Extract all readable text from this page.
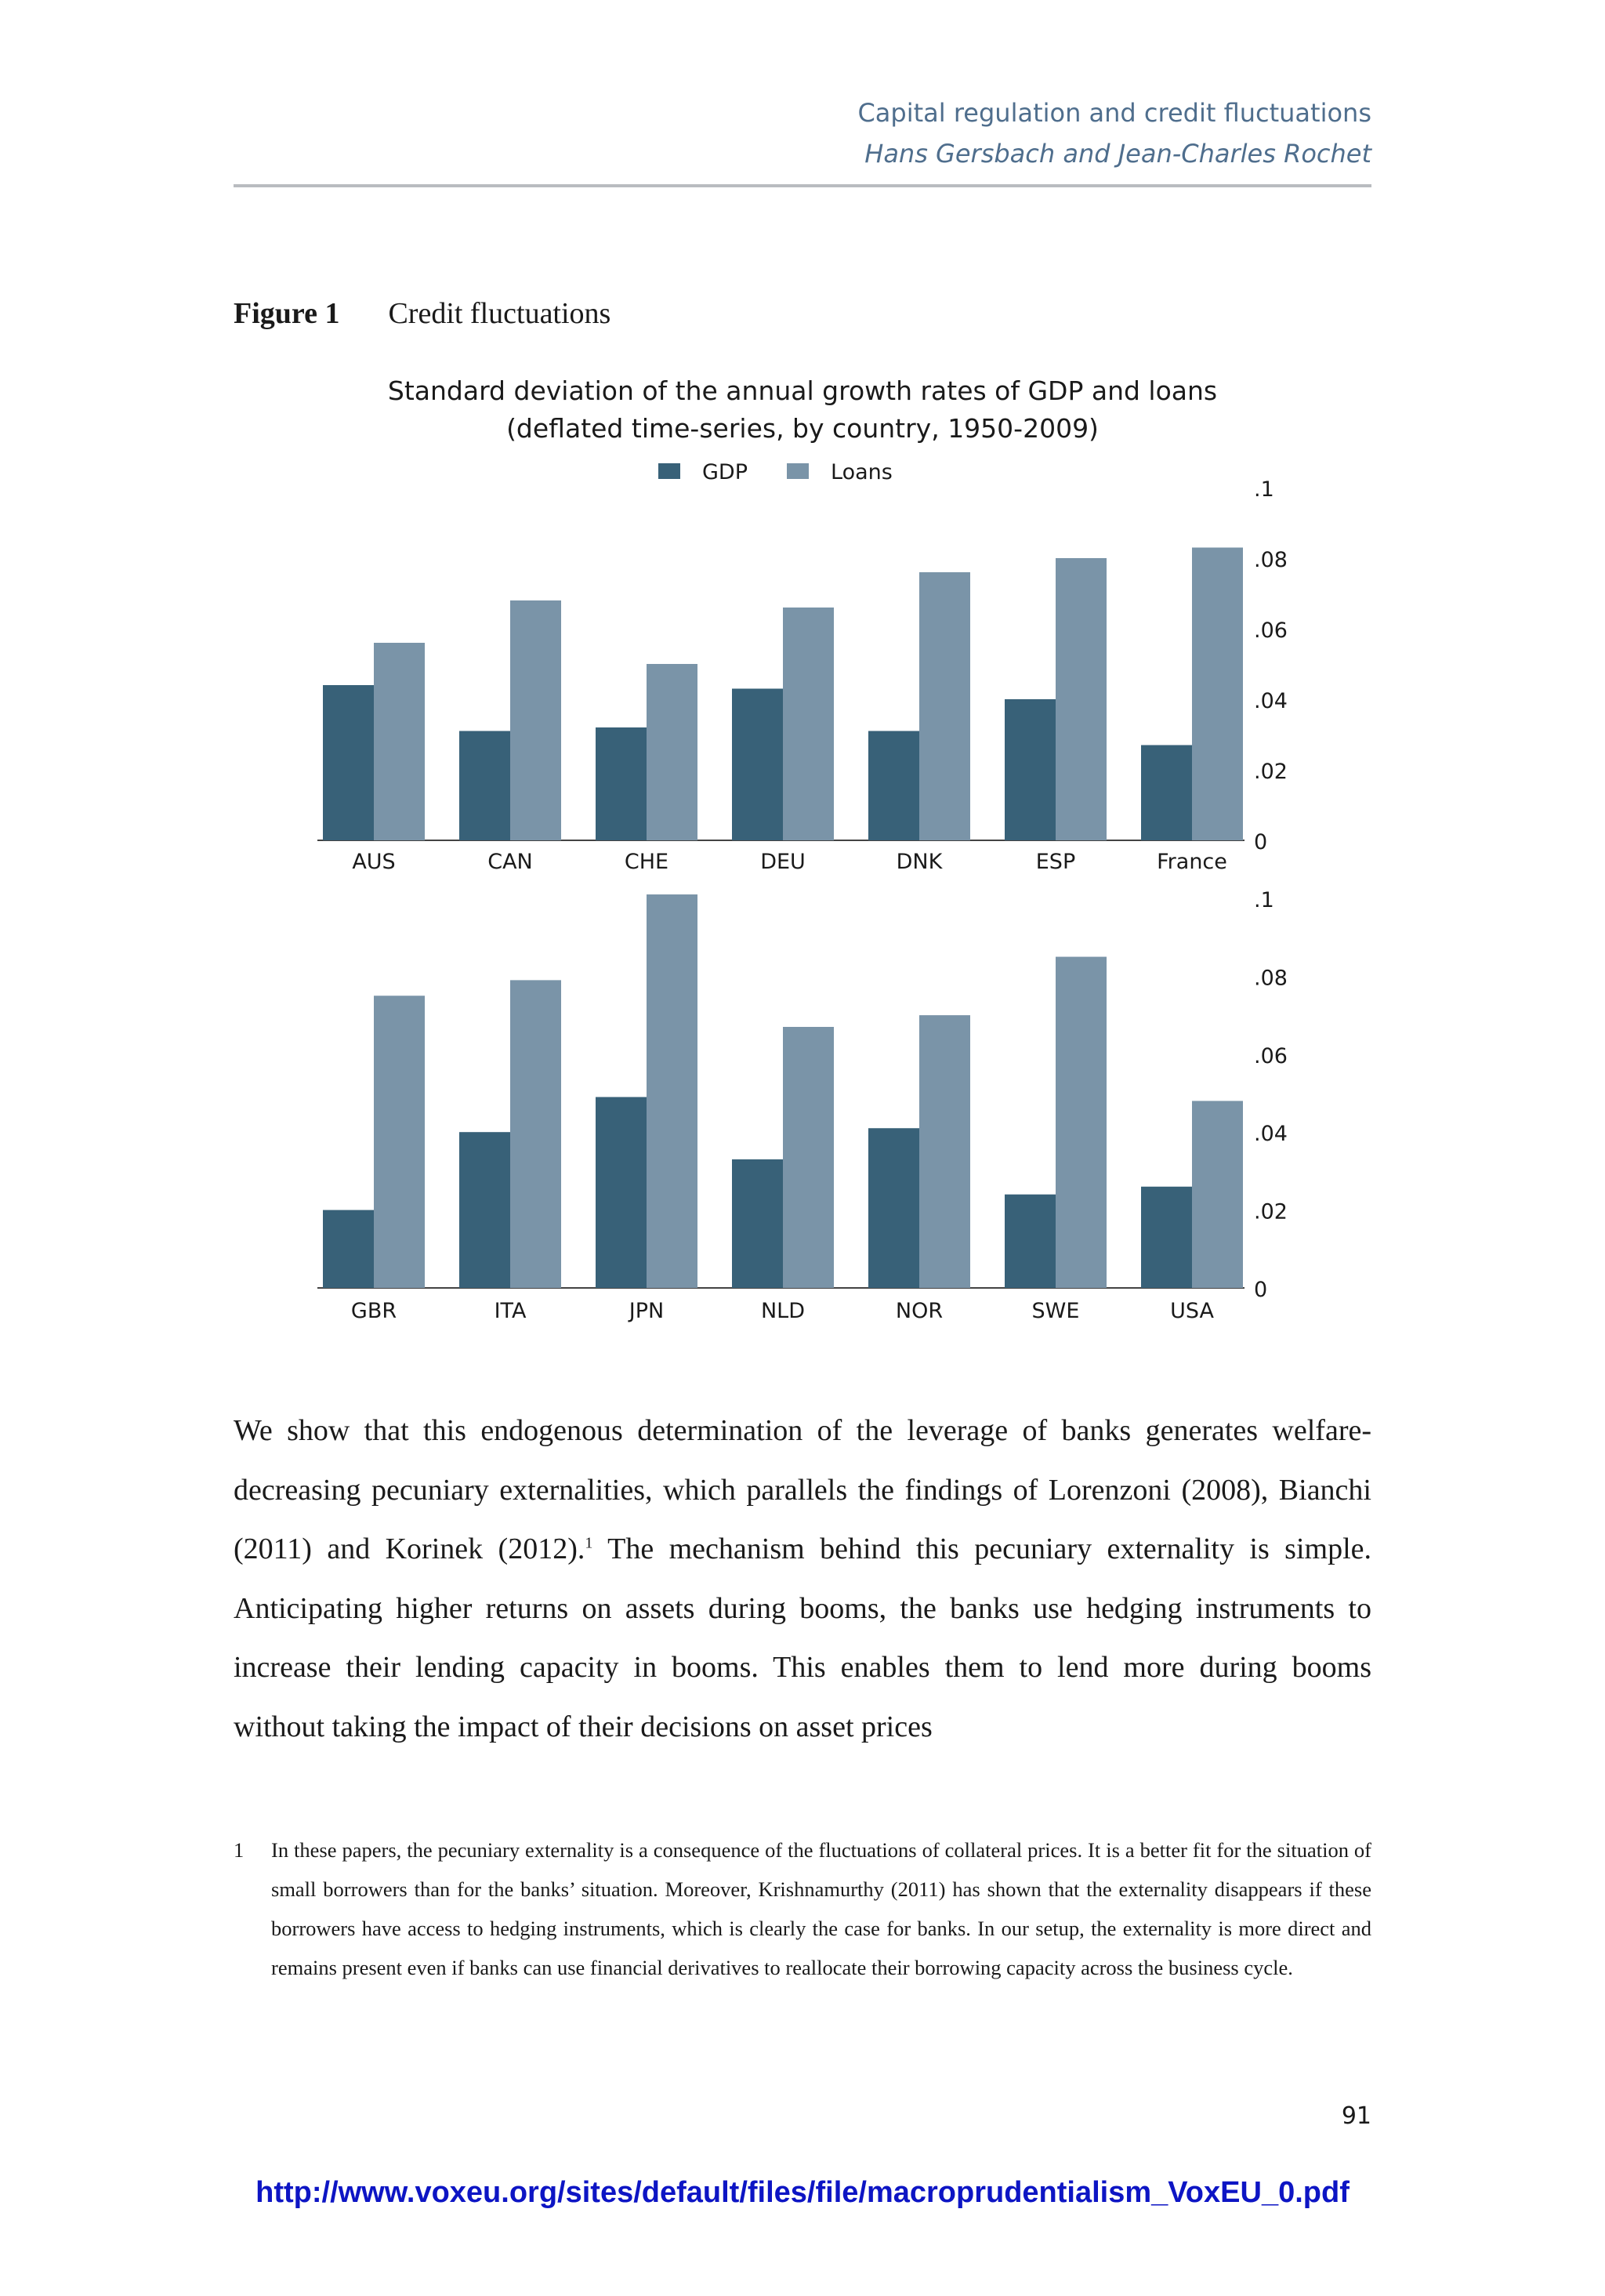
Capital regulation and credit fluctuations
Hans Gersbach and Jean-Charles Rochet
Figure 1 Credit fluctuations
Standard deviation of the annual growth rates of GDP and loans
(deflated time-series, by country, 1950-2009)
GDP	Loans
.1
.08
.06
.04
.02
0
AUS	CAN	CHE	DEU	DNK	ESP	France
.1
.08
.06
.04
.02
0
GBR	ITA	JPN	NLD	NOR	SWE	USA
We show that this endogenous determination of the leverage of banks generates welfare-decreasing pecuniary externalities, which parallels the findings of Lorenzoni (2008), Bianchi (2011) and Korinek (2012).$^1$ The mechanism behind this pecuniary externality is simple. Anticipating higher returns on assets during booms, the banks use hedging instruments to increase their lending capacity in booms. This enables them to lend more during booms without taking the impact of their decisions on asset prices
1 In these papers, the pecuniary externality is a consequence of the fluctuations of collateral prices. It is a better fit for the situation of small borrowers than for the banks’ situation. Moreover, Krishnamurthy (2011) has shown that the externality disappears if these borrowers have access to hedging instruments, which is clearly the case for banks. In our setup, the externality is more direct and remains present even if banks can use financial derivatives to reallocate their borrowing capacity across the business cycle.
91
http://www.voxeu.org/sites/default/files/file/macroprudentialism_VoxEU_0.pdf
